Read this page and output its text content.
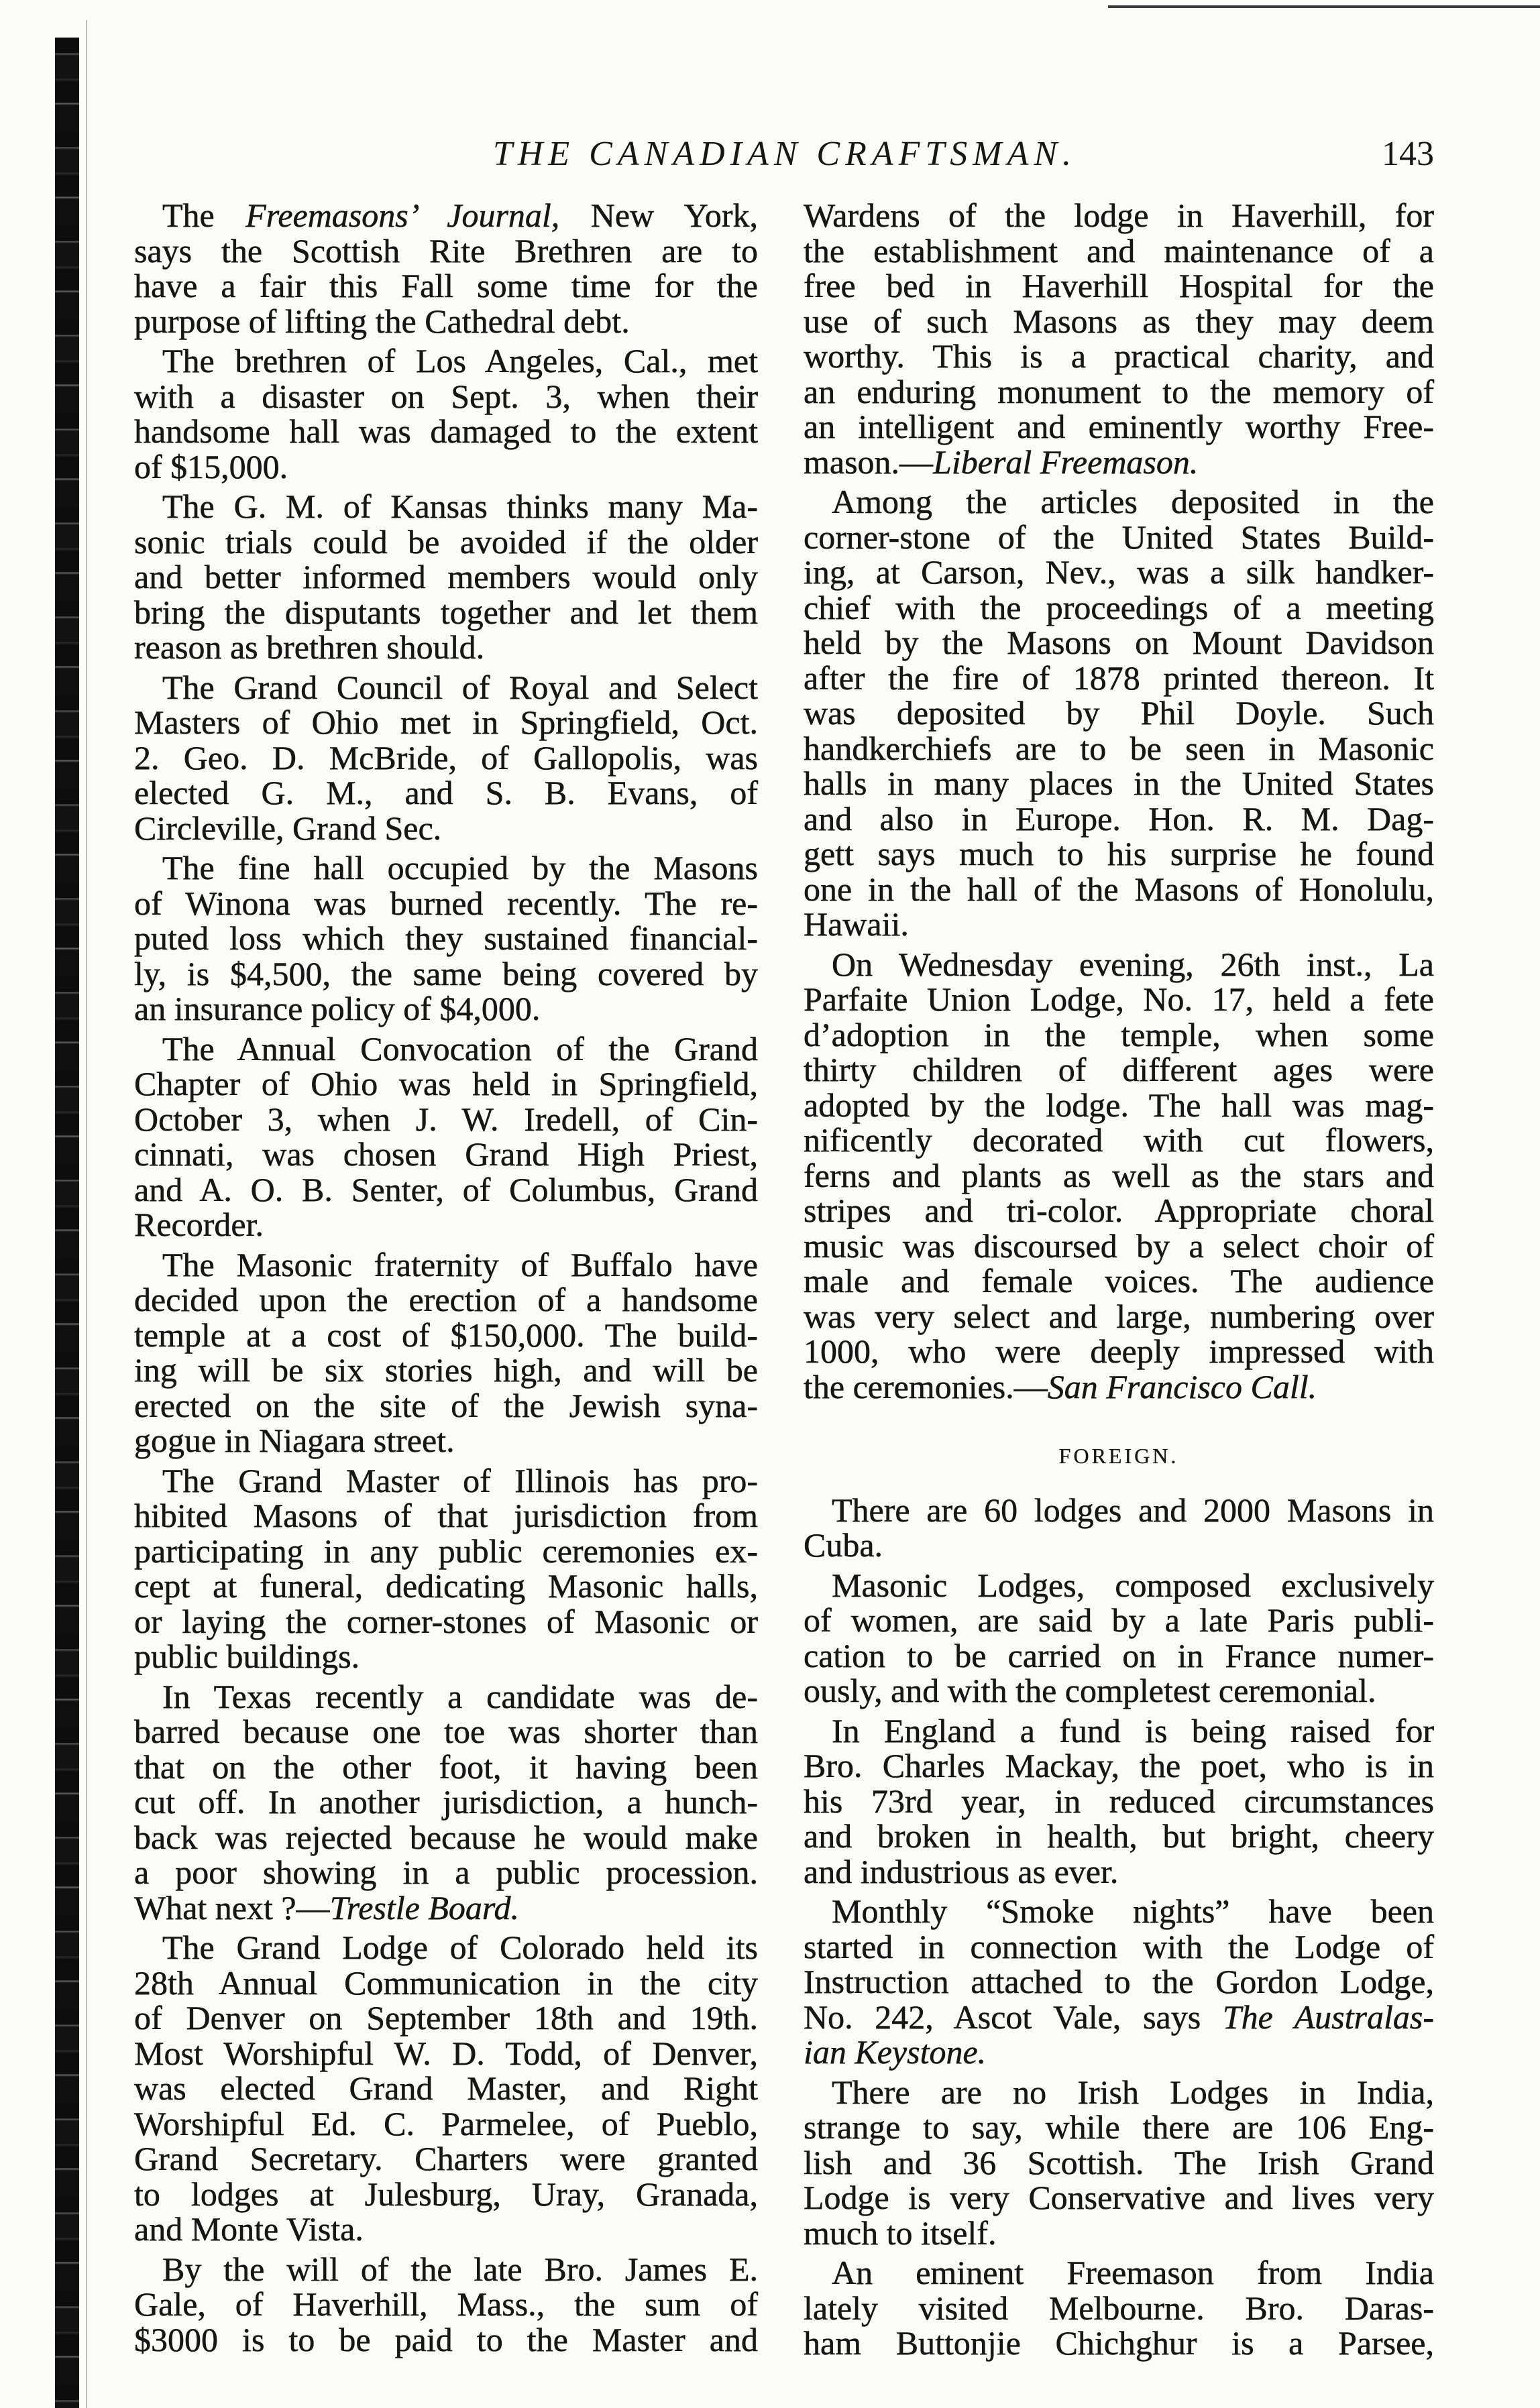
THE CANADIAN CRAFTSMAN.	143
The Freemasons’ Journal, New York,
says the Scottish Rite Brethren are to
have a fair this Fall some time for the
purpose of lifting the Cathedral debt.
The brethren of Los Angeles, Cal., met
with a disaster on Sept. 3, when their
handsome hall was damaged to the extent
of $15,000.
The G. M. of Kansas thinks many Ma-
sonic trials could be avoided if the older
and better informed members would only
bring the disputants together and let them
reason as brethren should.
The Grand Council of Royal and Select
Masters of Ohio met in Springfield, Oct.
2. Geo. D. McBride, of Gallopolis, was
elected G. M., and S. B. Evans, of
Circleville, Grand Sec.
The fine hall occupied by the Masons
of Winona was burned recently. The re-
puted loss which they sustained financial-
ly, is $4,500, the same being covered by
an insurance policy of $4,000.
The Annual Convocation of the Grand
Chapter of Ohio was held in Springfield,
October 3, when J. W. Iredell, of Cin-
cinnati, was chosen Grand High Priest,
and A. O. B. Senter, of Columbus, Grand
Recorder.
The Masonic fraternity of Buffalo have
decided upon the erection of a handsome
temple at a cost of $150,000. The build-
ing will be six stories high, and will be
erected on the site of the Jewish syna-
gogue in Niagara street.
The Grand Master of Illinois has pro-
hibited Masons of that jurisdiction from
participating in any public ceremonies ex-
cept at funeral, dedicating Masonic halls,
or laying the corner-stones of Masonic or
public buildings.
In Texas recently a candidate was de-
barred because one toe was shorter than
that on the other foot, it having been
cut off. In another jurisdiction, a hunch-
back was rejected because he would make
a poor showing in a public procession.
What next ?—Trestle Board.
The Grand Lodge of Colorado held its
28th Annual Communication in the city
of Denver on September 18th and 19th.
Most Worshipful W. D. Todd, of Denver,
was elected Grand Master, and Right
Worshipful Ed. C. Parmelee, of Pueblo,
Grand Secretary. Charters were granted
to lodges at Julesburg, Uray, Granada,
and Monte Vista.
By the will of the late Bro. James E.
Gale, of Haverhill, Mass., the sum of
$3000 is to be paid to the Master and
Wardens of the lodge in Haverhill, for
the establishment and maintenance of a
free bed in Haverhill Hospital for the
use of such Masons as they may deem
worthy. This is a practical charity, and
an enduring monument to the memory of
an intelligent and eminently worthy Free-
mason.—Liberal Freemason.
Among the articles deposited in the
corner-stone of the United States Build-
ing, at Carson, Nev., was a silk handker-
chief with the proceedings of a meeting
held by the Masons on Mount Davidson
after the fire of 1878 printed thereon. It
was deposited by Phil Doyle. Such
handkerchiefs are to be seen in Masonic
halls in many places in the United States
and also in Europe. Hon. R. M. Dag-
gett says much to his surprise he found
one in the hall of the Masons of Honolulu,
Hawaii.
On Wednesday evening, 26th inst., La
Parfaite Union Lodge, No. 17, held a fete
d’adoption in the temple, when some
thirty children of different ages were
adopted by the lodge. The hall was mag-
nificently decorated with cut flowers,
ferns and plants as well as the stars and
stripes and tri-color. Appropriate choral
music was discoursed by a select choir of
male and female voices. The audience
was very select and large, numbering over
1000, who were deeply impressed with
the ceremonies.—San Francisco Call.
FOREIGN.
There are 60 lodges and 2000 Masons in
Cuba.
Masonic Lodges, composed exclusively
of women, are said by a late Paris publi-
cation to be carried on in France numer-
ously, and with the completest ceremonial.
In England a fund is being raised for
Bro. Charles Mackay, the poet, who is in
his 73rd year, in reduced circumstances
and broken in health, but bright, cheery
and industrious as ever.
Monthly “Smoke nights” have been
started in connection with the Lodge of
Instruction attached to the Gordon Lodge,
No. 242, Ascot Vale, says The Australas-
ian Keystone.
There are no Irish Lodges in India,
strange to say, while there are 106 Eng-
lish and 36 Scottish. The Irish Grand
Lodge is very Conservative and lives very
much to itself.
An eminent Freemason from India
lately visited Melbourne. Bro. Daras-
ham Buttonjie Chichghur is a Parsee,
